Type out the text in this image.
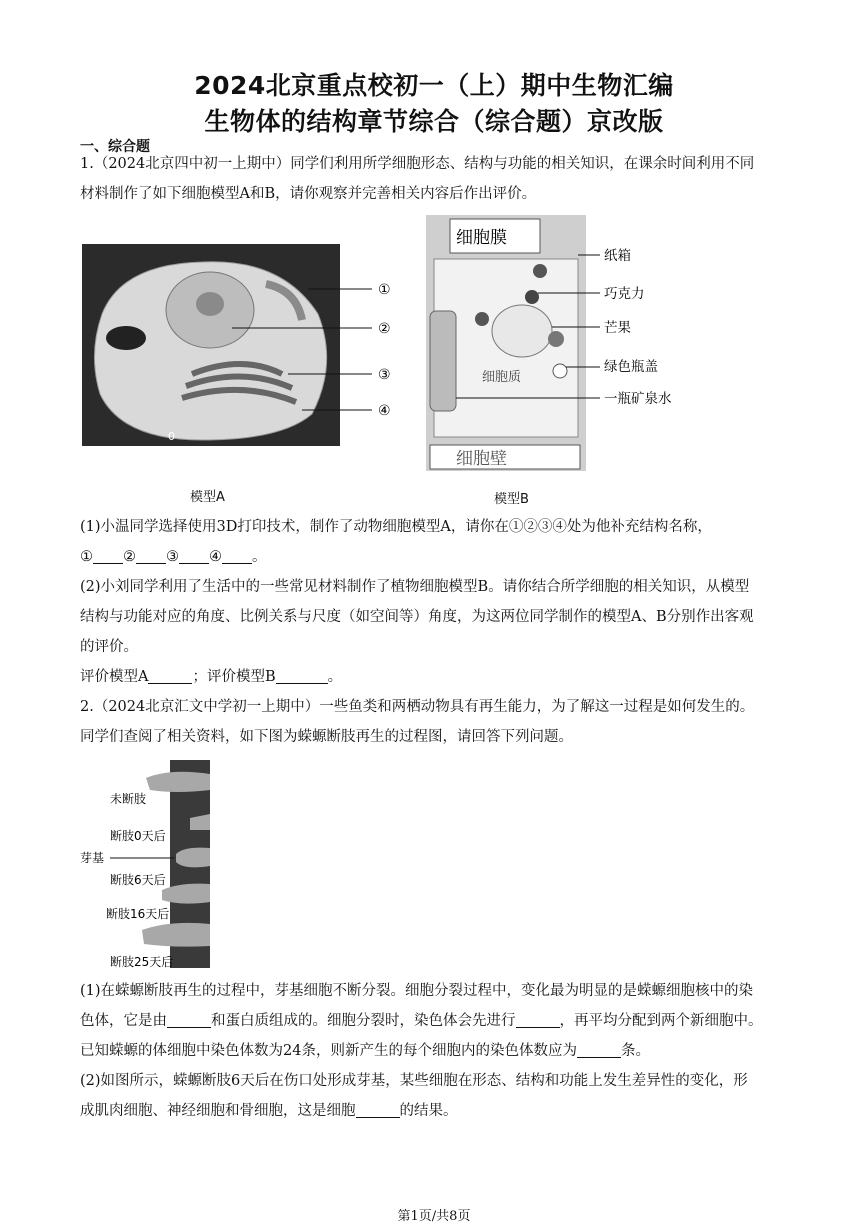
2024北京重点校初一（上）期中生物汇编
生物体的结构章节综合（综合题）京改版
一、综合题
1.（2024北京四中初一上期中）同学们利用所学细胞形态、结构与功能的相关知识，在课余时间利用不同
材料制作了如下细胞模型A和B，请你观察并完善相关内容后作出评价。
0
①
②
③
④
模型A
细胞膜
细胞壁
细胞质
纸箱
巧克力
芒果
绿色瓶盖
一瓶矿泉水
模型B
(1)小温同学选择使用3D打印技术，制作了动物细胞模型A，请你在①②③④处为他补充结构名称，
① ② ③ ④ 。
(2)小刘同学利用了生活中的一些常见材料制作了植物细胞模型B。请你结合所学细胞的相关知识，从模型
结构与功能对应的角度、比例关系与尺度（如空间等）角度，为这两位同学制作的模型A、B分别作出客观
的评价。
评价模型A	；评价模型B	。
2.（2024北京汇文中学初一上期中）一些鱼类和两栖动物具有再生能力，为了解这一过程是如何发生的。
同学们查阅了相关资料，如下图为蝾螈断肢再生的过程图，请回答下列问题。
未断肢
断肢0天后
芽基
断肢6天后
断肢16天后
断肢25天后
(1)在蝾螈断肢再生的过程中，芽基细胞不断分裂。细胞分裂过程中，变化最为明显的是蝾螈细胞核中的染
色体，它是由	和蛋白质组成的。细胞分裂时，染色体会先进行	，再平均分配到两个新细胞中。
已知蝾螈的体细胞中染色体数为24条，则新产生的每个细胞内的染色体数应为	条。
(2)如图所示，蝾螈断肢6天后在伤口处形成芽基，某些细胞在形态、结构和功能上发生差异性的变化，形
成肌肉细胞、神经细胞和骨细胞，这是细胞	的结果。
第1页/共8页
